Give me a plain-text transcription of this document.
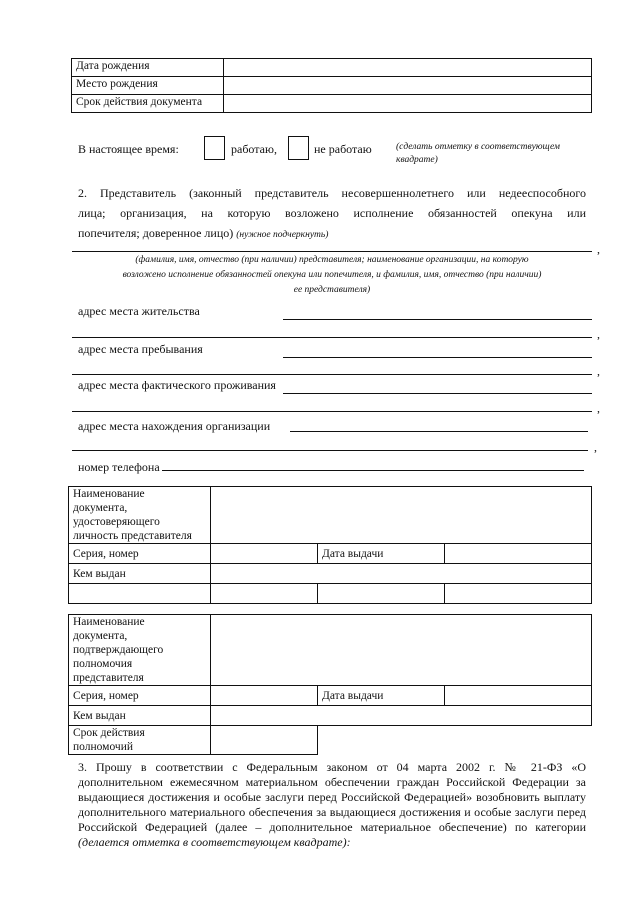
Дата рождения	
Место рождения	
Срок действия документа	
В настоящее время:	работаю,	не работаю	(сделать отметку в соответствующем
квадрате)
2. Представитель (законный представитель несовершеннолетнего или недееспособного
лица; организация, на которую возложено исполнение обязанностей опекуна или
попечителя; доверенное лицо) (нужное подчеркнуть)
,
(фамилия, имя, отчество (при наличии) представителя; наименование организации, на которую
возложено исполнение обязанностей опекуна или попечителя, и фамилия, имя, отчество (при наличии)
ее представителя)
адрес места жительства
,
адрес места пребывания
,
адрес места фактического проживания
,
адрес места нахождения организации
,
номер телефона
Наименование
документа,
удостоверяющего
личность представителя			

Серия, номер		Дата выдачи	
Кем выдан			

Наименование
документа,
подтверждающего
полномочия
представителя			

Серия, номер		Дата выдачи	
Кем выдан			

Срок действия
полномочий			

3. Прошу в соответствии с Федеральным законом от 04 марта 2002 г. № 21-ФЗ «О
дополнительном ежемесячном материальном обеспечении граждан Российской Федерации за
выдающиеся достижения и особые заслуги перед Российской Федерацией» возобновить выплату
дополнительного материального обеспечения за выдающиеся достижения и особые заслуги перед
Российской Федерацией (далее – дополнительное материальное обеспечение) по категории
(делается отметка в соответствующем квадрате):
